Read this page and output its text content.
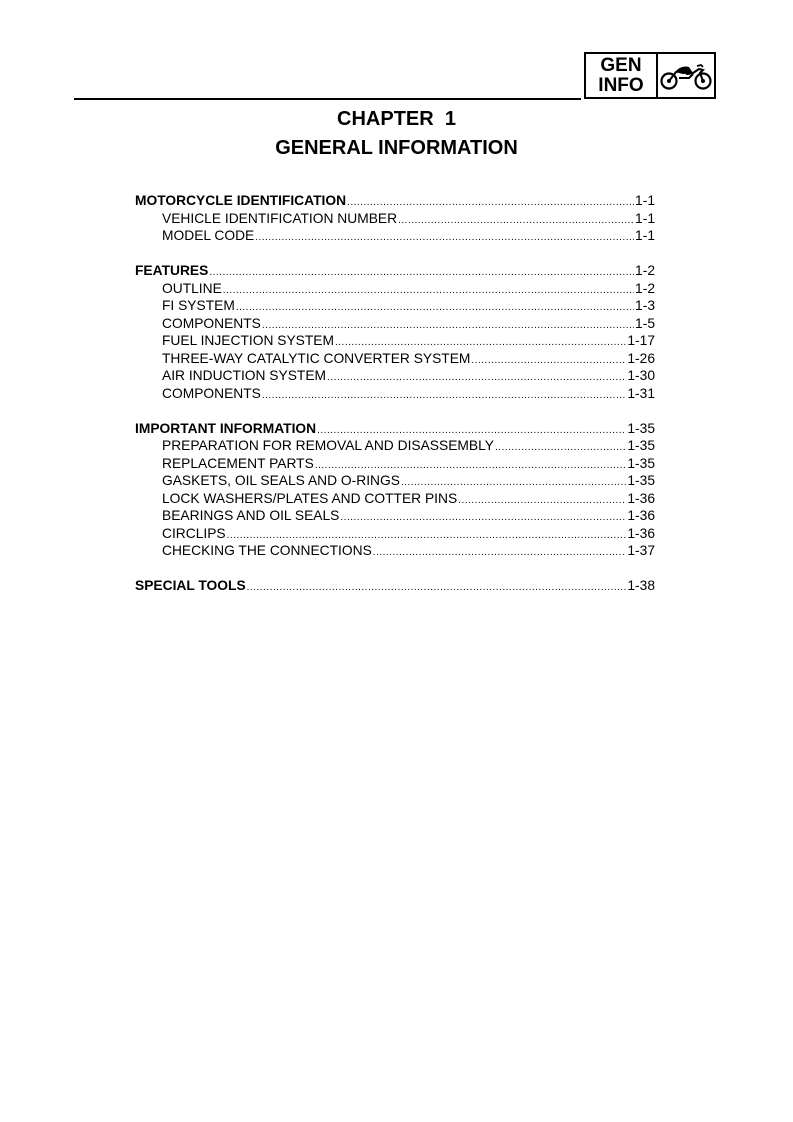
GEN
INFO
CHAPTER  1
GENERAL INFORMATION
MOTORCYCLE IDENTIFICATION .....	1-1
VEHICLE IDENTIFICATION NUMBER .....	1-1
MODEL CODE .....	1-1
FEATURES .....	1-2
OUTLINE .....	1-2
FI SYSTEM .....	1-3
COMPONENTS .....	1-5
FUEL INJECTION SYSTEM .....	1-17
THREE-WAY CATALYTIC CONVERTER SYSTEM .....	1-26
AIR INDUCTION SYSTEM .....	1-30
COMPONENTS .....	1-31
IMPORTANT INFORMATION .....	1-35
PREPARATION FOR REMOVAL AND DISASSEMBLY .....	1-35
REPLACEMENT PARTS .....	1-35
GASKETS, OIL SEALS AND O-RINGS .....	1-35
LOCK WASHERS/PLATES AND COTTER PINS .....	1-36
BEARINGS AND OIL SEALS .....	1-36
CIRCLIPS .....	1-36
CHECKING THE CONNECTIONS .....	1-37
SPECIAL TOOLS .....	1-38
